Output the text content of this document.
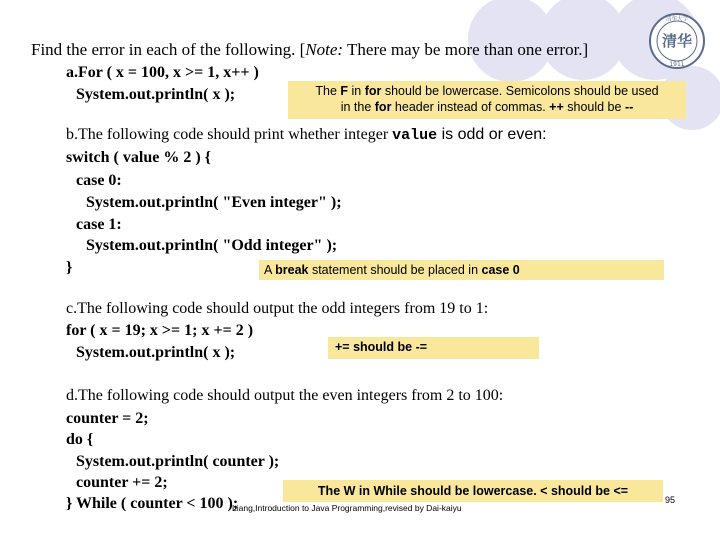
清华大学
清华
1911
Find the error in each of the following. [Note: There may be more than one error.]
a.For ( x = 100, x >= 1, x++ )
System.out.println( x );	The F in for should be lowercase. Semicolons should be used
in the for header instead of commas. ++ should be --
b.The following code should print whether integer value is odd or even:
switch ( value % 2 ) {
case 0:
System.out.println( "Even integer" );
case 1:
System.out.println( "Odd integer" );
}	A break statement should be placed in case 0
c.The following code should output the odd integers from 19 to 1:
for ( x = 19; x >= 1; x += 2 )
System.out.println( x );	+= should be -=
d.The following code should output the even integers from 2 to 100:
counter = 2;
do {
System.out.println( counter );
counter += 2;
} While ( counter < 100 );
The W in While should be lowercase. < should be <=
Liang,Introduction to Java Programming,revised by Dai-kaiyu
95
